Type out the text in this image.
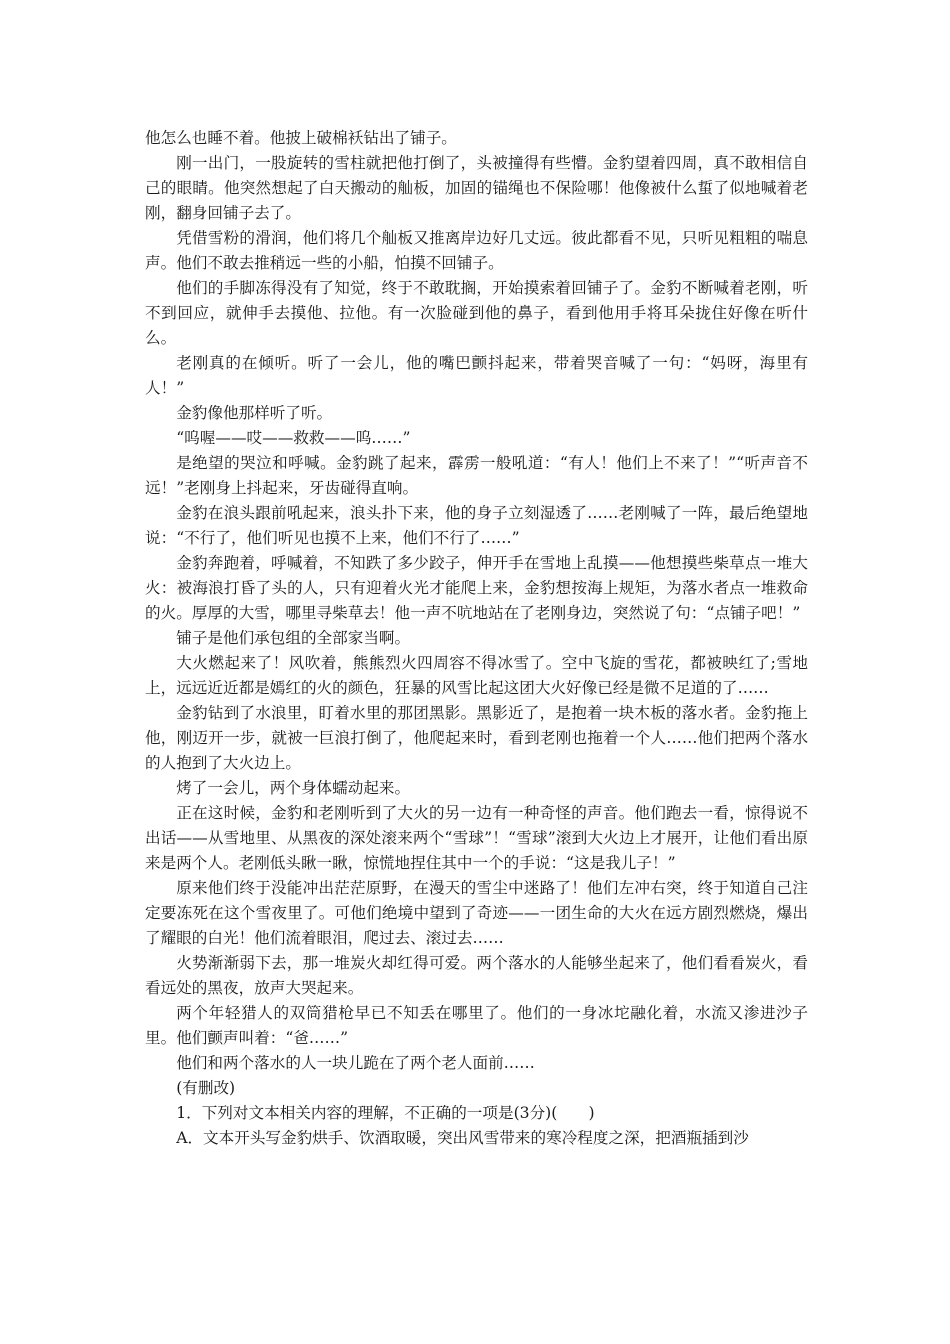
他怎么也睡不着。他披上破棉袄钻出了铺子。

刚一出门，一股旋转的雪柱就把他打倒了，头被撞得有些懵。金豹望着四周，真不敢相信自己的眼睛。他突然想起了白天搬动的舢板，加固的锚绳也不保险哪！他像被什么蜇了似地喊着老刚，翻身回铺子去了。

凭借雪粉的滑润，他们将几个舢板又推离岸边好几丈远。彼此都看不见，只听见粗粗的喘息声。他们不敢去推稍远一些的小船，怕摸不回铺子。

他们的手脚冻得没有了知觉，终于不敢耽搁，开始摸索着回铺子了。金豹不断喊着老刚，听不到回应，就伸手去摸他、拉他。有一次脸碰到他的鼻子，看到他用手将耳朵拢住好像在听什么。

老刚真的在倾听。听了一会儿，他的嘴巴颤抖起来，带着哭音喊了一句：“妈呀，海里有人！”

金豹像他那样听了听。

“呜喔——哎——救救——呜……”

是绝望的哭泣和呼喊。金豹跳了起来，霹雳一般吼道：“有人！他们上不来了！”“听声音不远！”老刚身上抖起来，牙齿碰得直响。

金豹在浪头跟前吼起来，浪头扑下来，他的身子立刻湿透了……老刚喊了一阵，最后绝望地说：“不行了，他们听见也摸不上来，他们不行了……”

金豹奔跑着，呼喊着，不知跌了多少跤子，伸开手在雪地上乱摸——他想摸些柴草点一堆大火：被海浪打昏了头的人，只有迎着火光才能爬上来，金豹想按海上规矩，为落水者点一堆救命的火。厚厚的大雪，哪里寻柴草去！他一声不吭地站在了老刚身边，突然说了句：“点铺子吧！”

铺子是他们承包组的全部家当啊。

大火燃起来了！风吹着，熊熊烈火四周容不得冰雪了。空中飞旋的雪花，都被映红了;雪地上，远远近近都是嫣红的火的颜色，狂暴的风雪比起这团大火好像已经是微不足道的了……

金豹钻到了水浪里，盯着水里的那团黑影。黑影近了，是抱着一块木板的落水者。金豹拖上他，刚迈开一步，就被一巨浪打倒了，他爬起来时，看到老刚也拖着一个人……他们把两个落水的人抱到了大火边上。

烤了一会儿，两个身体蠕动起来。

正在这时候，金豹和老刚听到了大火的另一边有一种奇怪的声音。他们跑去一看，惊得说不出话——从雪地里、从黑夜的深处滚来两个“雪球”！“雪球”滚到大火边上才展开，让他们看出原来是两个人。老刚低头瞅一瞅，惊慌地捏住其中一个的手说：“这是我儿子！”

原来他们终于没能冲出茫茫原野，在漫天的雪尘中迷路了！他们左冲右突，终于知道自己注定要冻死在这个雪夜里了。可他们绝境中望到了奇迹——一团生命的大火在远方剧烈燃烧，爆出了耀眼的白光！他们流着眼泪，爬过去、滚过去……

火势渐渐弱下去，那一堆炭火却红得可爱。两个落水的人能够坐起来了，他们看看炭火，看看远处的黑夜，放声大哭起来。

两个年轻猎人的双筒猎枪早已不知丢在哪里了。他们的一身冰坨融化着，水流又渗进沙子里。他们颤声叫着：“爸……”

他们和两个落水的人一块儿跪在了两个老人面前……

(有删改)

1．下列对文本相关内容的理解，不正确的一项是(3分)(　　)

A．文本开头写金豹烘手、饮酒取暖，突出风雪带来的寒冷程度之深，把酒瓶插到沙
